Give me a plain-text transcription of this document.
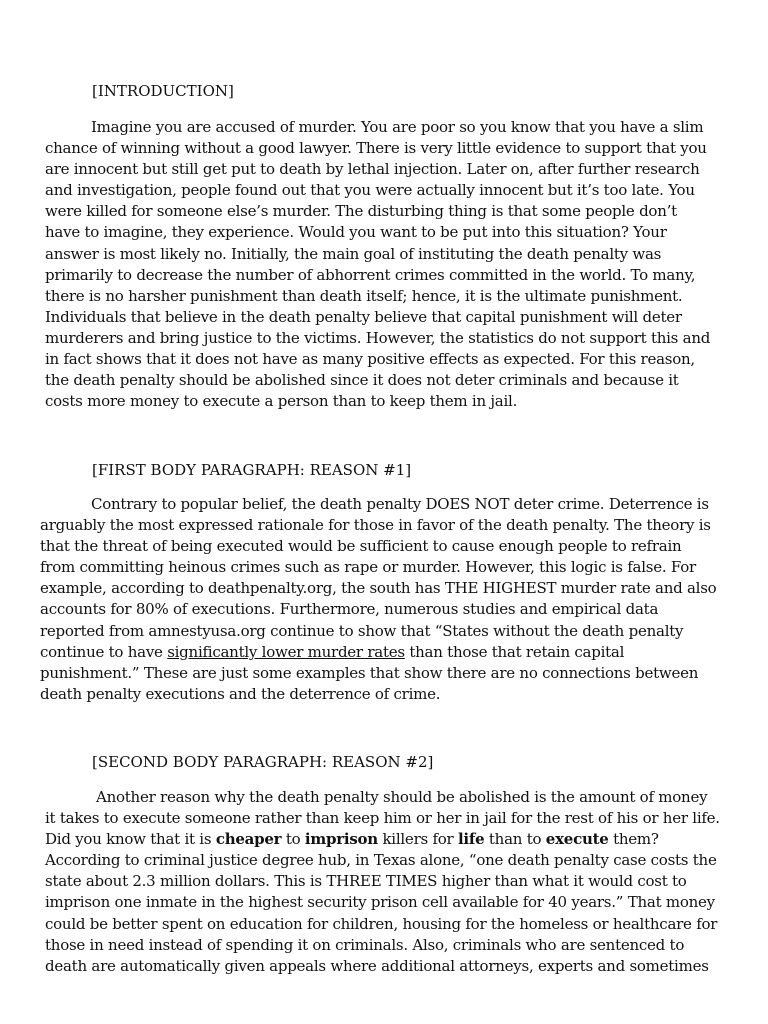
[INTRODUCTION]
Imagine you are accused of murder. You are poor so you know that you have a slim
chance of winning without a good lawyer. There is very little evidence to support that you
are innocent but still get put to death by lethal injection. Later on, after further research
and investigation, people found out that you were actually innocent but it’s too late. You
were killed for someone else’s murder. The disturbing thing is that some people don’t
have to imagine, they experience. Would you want to be put into this situation? Your
answer is most likely no. Initially, the main goal of instituting the death penalty was
primarily to decrease the number of abhorrent crimes committed in the world. To many,
there is no harsher punishment than death itself; hence, it is the ultimate punishment.
Individuals that believe in the death penalty believe that capital punishment will deter
murderers and bring justice to the victims. However, the statistics do not support this and
in fact shows that it does not have as many positive effects as expected. For this reason,
the death penalty should be abolished since it does not deter criminals and because it
costs more money to execute a person than to keep them in jail.
[FIRST BODY PARAGRAPH: REASON #1]
Contrary to popular belief, the death penalty DOES NOT deter crime. Deterrence is
arguably the most expressed rationale for those in favor of the death penalty. The theory is
that the threat of being executed would be sufficient to cause enough people to refrain
from committing heinous crimes such as rape or murder. However, this logic is false. For
example, according to deathpenalty.org, the south has THE HIGHEST murder rate and also
accounts for 80% of executions. Furthermore, numerous studies and empirical data
reported from amnestyusa.org continue to show that “States without the death penalty
continue to have significantly lower murder rates than those that retain capital
punishment.” These are just some examples that show there are no connections between
death penalty executions and the deterrence of crime.
[SECOND BODY PARAGRAPH: REASON #2]
Another reason why the death penalty should be abolished is the amount of money
it takes to execute someone rather than keep him or her in jail for the rest of his or her life.
Did you know that it is cheaper to imprison killers for life than to execute them?
According to criminal justice degree hub, in Texas alone, “one death penalty case costs the
state about 2.3 million dollars. This is THREE TIMES higher than what it would cost to
imprison one inmate in the highest security prison cell available for 40 years.” That money
could be better spent on education for children, housing for the homeless or healthcare for
those in need instead of spending it on criminals. Also, criminals who are sentenced to
death are automatically given appeals where additional attorneys, experts and sometimes
